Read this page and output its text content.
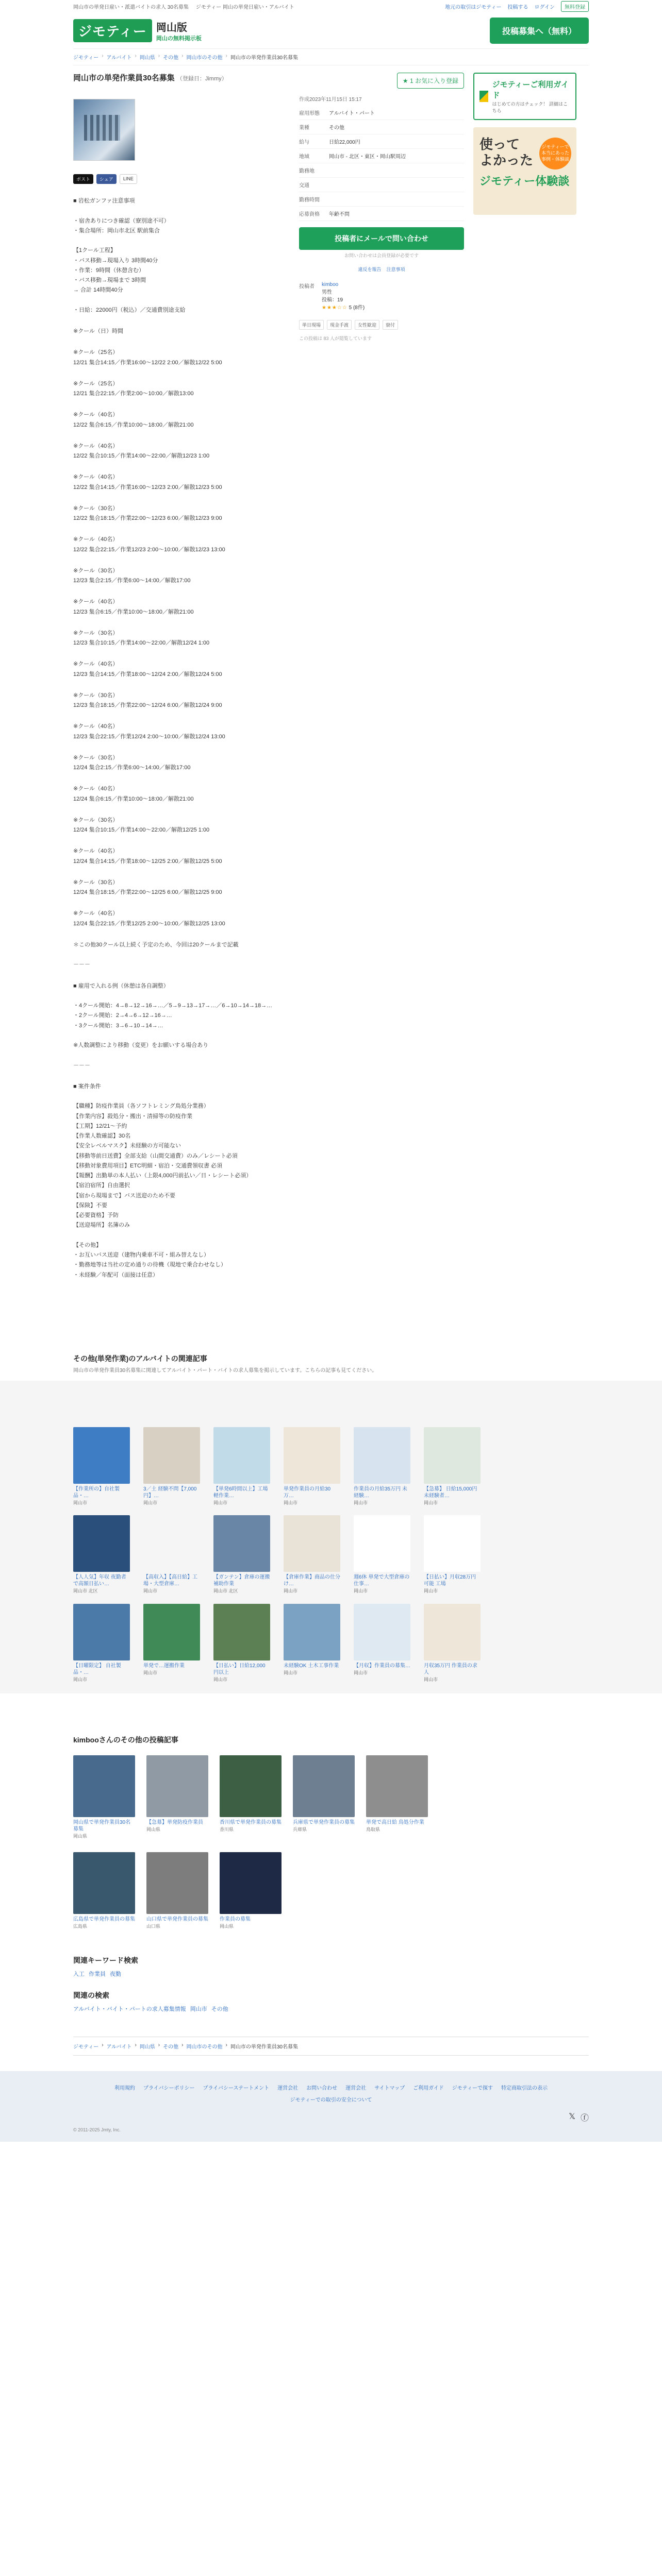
岡山市の単発日雇い・派遣バイトの求人 30名募集 ジモティー 岡山の単発日雇い・アルバイト	地元の取引はジモティー 投稿する ログイン	無料登録
ジモティー 岡山版
岡山の無料掲示板
投稿募集へ（無料）
ジモティー › アルバイト › 岡山県 › その他 › 岡山市のその他 › 岡山市の単発作業員30名募集
岡山市の単発作業員30名募集 （登録日：Jimmy）
ポスト	シェア	LINE
■ 岩松ガンファ注意事項

・宿舎ありにつき確認（寮別途不可）
・集合場所：岡山市北区 駅前集合

【1クール工程】
・バス移動→現場入り 3時間40分
・作業：9時間（休憩含む）
・バス移動→現場まで 3時間
→ 合計 14時間40分

・日給：22000円（税込）／交通費別途支給
※クール（日）時間
※クール（25名）
12/21 集合14:15／作業16:00〜12/22 2:00／解散12/22 5:00
※クール（25名）
12/21 集合22:15／作業2:00〜10:00／解散13:00
※クール（40名）
12/22 集合6:15／作業10:00〜18:00／解散21:00
※クール（40名）
12/22 集合10:15／作業14:00〜22:00／解散12/23 1:00
※クール（40名）
12/22 集合14:15／作業16:00〜12/23 2:00／解散12/23 5:00
※クール（30名）
12/22 集合18:15／作業22:00〜12/23 6:00／解散12/23 9:00
※クール（40名）
12/22 集合22:15／作業12/23 2:00〜10:00／解散12/23 13:00
※クール（30名）
12/23 集合2:15／作業6:00〜14:00／解散17:00
※クール（40名）
12/23 集合6:15／作業10:00〜18:00／解散21:00
※クール（30名）
12/23 集合10:15／作業14:00〜22:00／解散12/24 1:00
※クール（40名）
12/23 集合14:15／作業18:00〜12/24 2:00／解散12/24 5:00
※クール（30名）
12/23 集合18:15／作業22:00〜12/24 6:00／解散12/24 9:00
※クール（40名）
12/23 集合22:15／作業12/24 2:00〜10:00／解散12/24 13:00
※クール（30名）
12/24 集合2:15／作業6:00〜14:00／解散17:00
※クール（40名）
12/24 集合6:15／作業10:00〜18:00／解散21:00
※クール（30名）
12/24 集合10:15／作業14:00〜22:00／解散12/25 1:00
※クール（40名）
12/24 集合14:15／作業18:00〜12/25 2:00／解散12/25 5:00
※クール（30名）
12/24 集合18:15／作業22:00〜12/25 6:00／解散12/25 9:00
※クール（40名）
12/24 集合22:15／作業12/25 2:00〜10:00／解散12/25 13:00
＊この他30クール以上続く予定のため、今回は20クールまで記載

－－－
■ 雇用で入れる例（休憩は各自調整）

・4クール開始：4→8→12→16→…／5→9→13→17→…／6→10→14→18→…
・2クール開始：2→4→6→12→16→…
・3クール開始：3→6→10→14→…

※人数調整により移動（変更）をお願いする場合あり

－－－
■ 案件条件

【職種】防疫作業員（各ソフトレミング鳥処分業務）
【作業内容】殺処分・搬出・清掃等の防疫作業
【工期】12/21〜予約
【作業人数確認】30名
【安全レベルマスク】未経験の方可能ない
【移動等前日送費】全部支給（山間交通費）のみ／レシート必須
【移動対象費用項目】ETC明細・宿泊・交通費領収書 必須
【報酬】出勤単の本人払い（上限4,000円前払い／日・レシート必須）
【宿泊宿所】自由選択
【宿から現場まで】バス送迎のため不要
【保険】不要
【必要資格】予防
【送迎場所】名簿のみ

【その他】
・お互いバス送迎（建物内乗車不可・組み替えなし）
・勤務地等は当社の定め通りの待機（現地で乗合わせなし）
・未経験／年配可（面接は任意）
★ 1 お気に入り登録
作成2023年11月15日 15:17
雇用形態	アルバイト・パート
業種	その他
給与	日給22,000円
地域	岡山市 - 北区・東区・岡山駅周辺
勤務地	
交通	
勤務時間	
応募資格	年齢不問
投稿者にメールで問い合わせ
お問い合わせは会員登録が必要です
違反を報告 注意事項
投稿者 kimboo
男性
投稿：19
★★★☆☆ 5 (8件)
単日現場	現金手渡	女性歓迎	寮付
この投稿は 83 人が閲覧しています
ジモティーご利用ガイド
はじめての方はチェック！ 詳細はこちら
使って
よかった
ジモティー体験談
ジモティーで本当にあった 事例・体験談
その他(単発作業)のアルバイトの関連記事
岡山市の単発作業員30名募集に関連してアルバイト・パート・バイトの求人募集を掲示しています。こちらの記事も見てください。
【作業所の】自社製品・…
岡山市
3／土 経験不問【7,000円】…
岡山市
【単発6時間以上】工場軽作業…
岡山市
単発作業員の月給30万…
岡山市
作業員の月給35万円 未経験…
岡山市
【急募】 日給15,000円 未経験者…
岡山市
【人人気】年収 夜勤者で高額日払い…
岡山市 北区
【高収入】【高日給】工場・大型倉庫…
岡山市
【ガンテン】倉庫の運搬補助作業
岡山市 北区
【倉庫作業】商品の仕分け…
岡山市
週6休 単発で大型倉庫の仕事…
岡山市
【日払い】月収28万円可能 工場
岡山市
【日曜限定】 自社製品・…
岡山市
単発で…運搬作業
岡山市
【日払い】日給12,000円以上
岡山市
未経験OK 土木工事作業
岡山市
【月収】作業員の募集…
岡山市
月収35万円 作業員の求人
岡山市
kimbooさんのその他の投稿記事
岡山県で単発作業員30名募集
岡山県
【急募】単発防疫作業員
岡山県
香川県で単発作業員の募集
香川県
兵庫県で単発作業員の募集
兵庫県
単発で高日給 鳥処分作業
鳥取県
広島県で単発作業員の募集
広島県
山口県で単発作業員の募集
山口県
作業員の募集
岡山県
関連キーワード検索
入工 作業員 夜勤
関連の検索
アルバイト・バイト・パートの求人募集情報 岡山市 その他
ジモティー › アルバイト › 岡山県 › その他 › 岡山市のその他 › 岡山市の単発作業員30名募集
利用規約 プライバシーポリシー プライバシーステートメント 運営会社 お問い合わせ 運営会社 サイトマップ ご利用ガイド ジモティーで探す 特定商取引法の表示
ジモティーでの取引の安全について
𝕏 ⓕ
© 2011-2025 Jmty, Inc.
